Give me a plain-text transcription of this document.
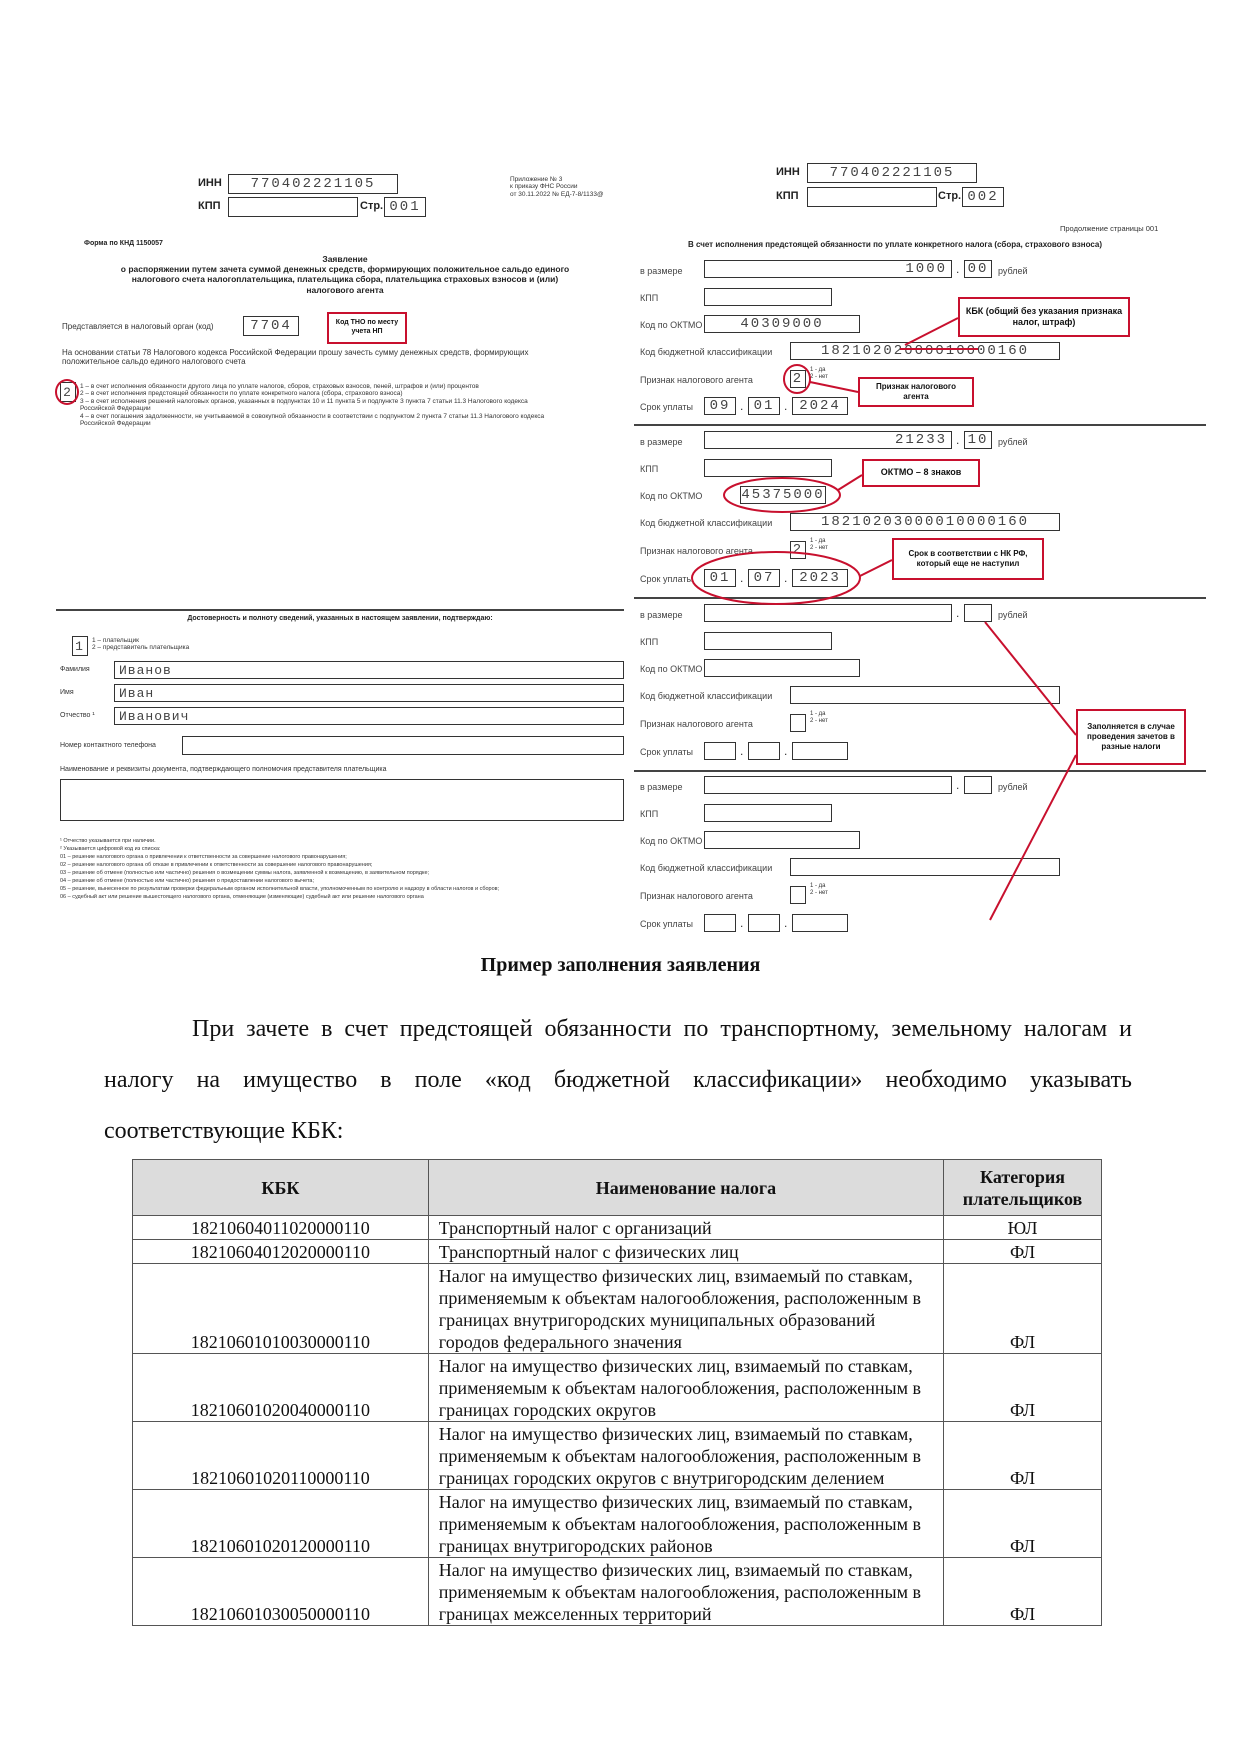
ИНН	770402221105
КПП	Стр. 001
Приложение № 3
к приказу ФНС России
от 30.11.2022 № ЕД-7-8/1133@
Форма по КНД 1150057
Заявление
о распоряжении путем зачета суммой денежных средств, формирующих положительное сальдо единого налогового счета налогоплательщика, плательщика сбора, плательщика страховых взносов и (или) налогового агента
Представляется в налоговый орган (код)	7704	Код ТНО по месту учета НП
На основании статьи 78 Налогового кодекса Российской Федерации прошу зачесть сумму денежных средств, формирующих положительное сальдо единого налогового счета
2	1 – в счет исполнения обязанности другого лица по уплате налогов, сборов, страховых взносов, пеней, штрафов и (или) процентов
2 – в счет исполнения предстоящей обязанности по уплате конкретного налога (сбора, страхового взноса)
3 – в счет исполнения решений налоговых органов, указанных в подпунктах 10 и 11 пункта 5 и подпункте 3 пункта 7 статьи 11.3 Налогового кодекса Российской Федерации
4 – в счет погашения задолженности, не учитываемой в совокупной обязанности в соответствии с подпунктом 2 пункта 7 статьи 11.3 Налогового кодекса Российской Федерации
Достоверность и полноту сведений, указанных в настоящем заявлении, подтверждаю:
1	1 – плательщик
2 – представитель плательщика
Фамилия	Иванов
Имя	Иван
Отчество ¹	Иванович
Номер контактного телефона
Наименование и реквизиты документа, подтверждающего полномочия представителя плательщика
¹ Отчество указывается при наличии.
² Указывается цифровой код из списка:
01 – решение налогового органа о привлечении к ответственности за совершение налогового правонарушения;
02 – решение налогового органа об отказе в привлечении к ответственности за совершение налогового правонарушения;
03 – решение об отмене (полностью или частично) решения о возмещении суммы налога, заявленной к возмещению, в заявительном порядке;
04 – решение об отмене (полностью или частично) решения о предоставлении налогового вычета;
05 – решение, вынесенное по результатам проверки федеральным органом исполнительной власти, уполномоченным по контролю и надзору в области налогов и сборов;
06 – судебный акт или решение вышестоящего налогового органа, отменяющие (изменяющие) судебный акт или решение налогового органа
ИНН	770402221105
КПП	Стр. 002
Продолжение страницы 001
В счет исполнения предстоящей обязанности по уплате конкретного налога (сбора, страхового взноса)
в размере	1000 . 00	рублей
КПП
Код по ОКТМО	40309000
Код бюджетной классификации	18210202000010000160
Признак налогового агента	2
1 - да
2 - нет
Срок уплаты	09 . 01 . 2024
в размере	21233 . 10	рублей
КПП
Код по ОКТМО	45375000
Код бюджетной классификации	18210203000010000160
Признак налогового агента	2
1 - да
2 - нет
Срок уплаты	01 . 07 . 2023
в размере	.	рублей
КПП
Код по ОКТМО
Код бюджетной классификации
Признак налогового агента
1 - да
2 - нет
Срок уплаты	.	.
в размере	.	рублей
КПП
Код по ОКТМО
Код бюджетной классификации
Признак налогового агента
1 - да
2 - нет
Срок уплаты	.	.
КБК (общий без указания признака налог, штраф)
Признак налогового агента
ОКТМО – 8 знаков
Срок в соответствии с НК РФ, который еще не наступил
Заполняется в случае проведения зачетов в разные налоги
Пример заполнения заявления
При зачете в счет предстоящей обязанности по транспортному, земельному налогам и налогу на имущество в поле «код бюджетной классификации» необходимо указывать соответствующие КБК:
КБК	Наименование налога	Категория плательщиков
18210604011020000110	Транспортный налог с организаций	ЮЛ
18210604012020000110	Транспортный налог с физических лиц	ФЛ
18210601010030000110	Налог на имущество физических лиц, взимаемый по ставкам, применяемым к объектам налогообложения, расположенным в границах внутригородских муниципальных образований городов федерального значения	ФЛ
18210601020040000110	Налог на имущество физических лиц, взимаемый по ставкам, применяемым к объектам налогообложения, расположенным в границах городских округов	ФЛ
18210601020110000110	Налог на имущество физических лиц, взимаемый по ставкам, применяемым к объектам налогообложения, расположенным в границах городских округов с внутригородским делением	ФЛ
18210601020120000110	Налог на имущество физических лиц, взимаемый по ставкам, применяемым к объектам налогообложения, расположенным в границах внутригородских районов	ФЛ
18210601030050000110	Налог на имущество физических лиц, взимаемый по ставкам, применяемым к объектам налогообложения, расположенным в границах межселенных территорий	ФЛ
